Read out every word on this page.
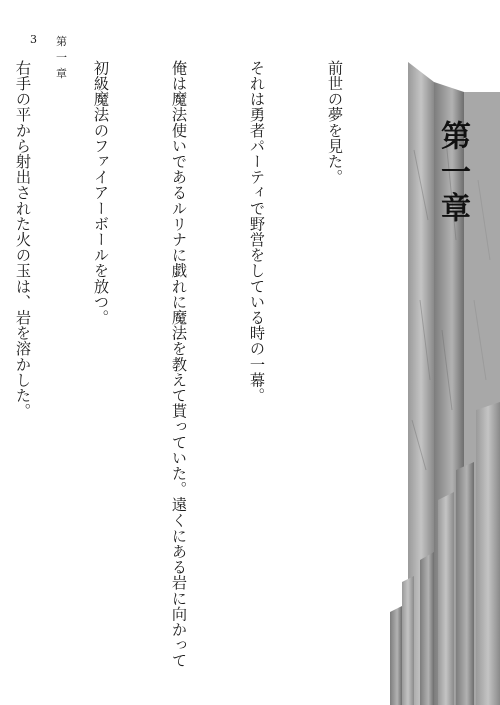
3 第一章

	前世の夢を見た。

それは勇者パーティで野営をしている時の一幕。

俺は魔法使いであるルリナに戯れに魔法を教えて貰っていた。遠くにある岩に向かって

初級魔法のファイアーボールを放つ。

右手の平から射出された火の玉は、岩を溶かした。

	第一章
